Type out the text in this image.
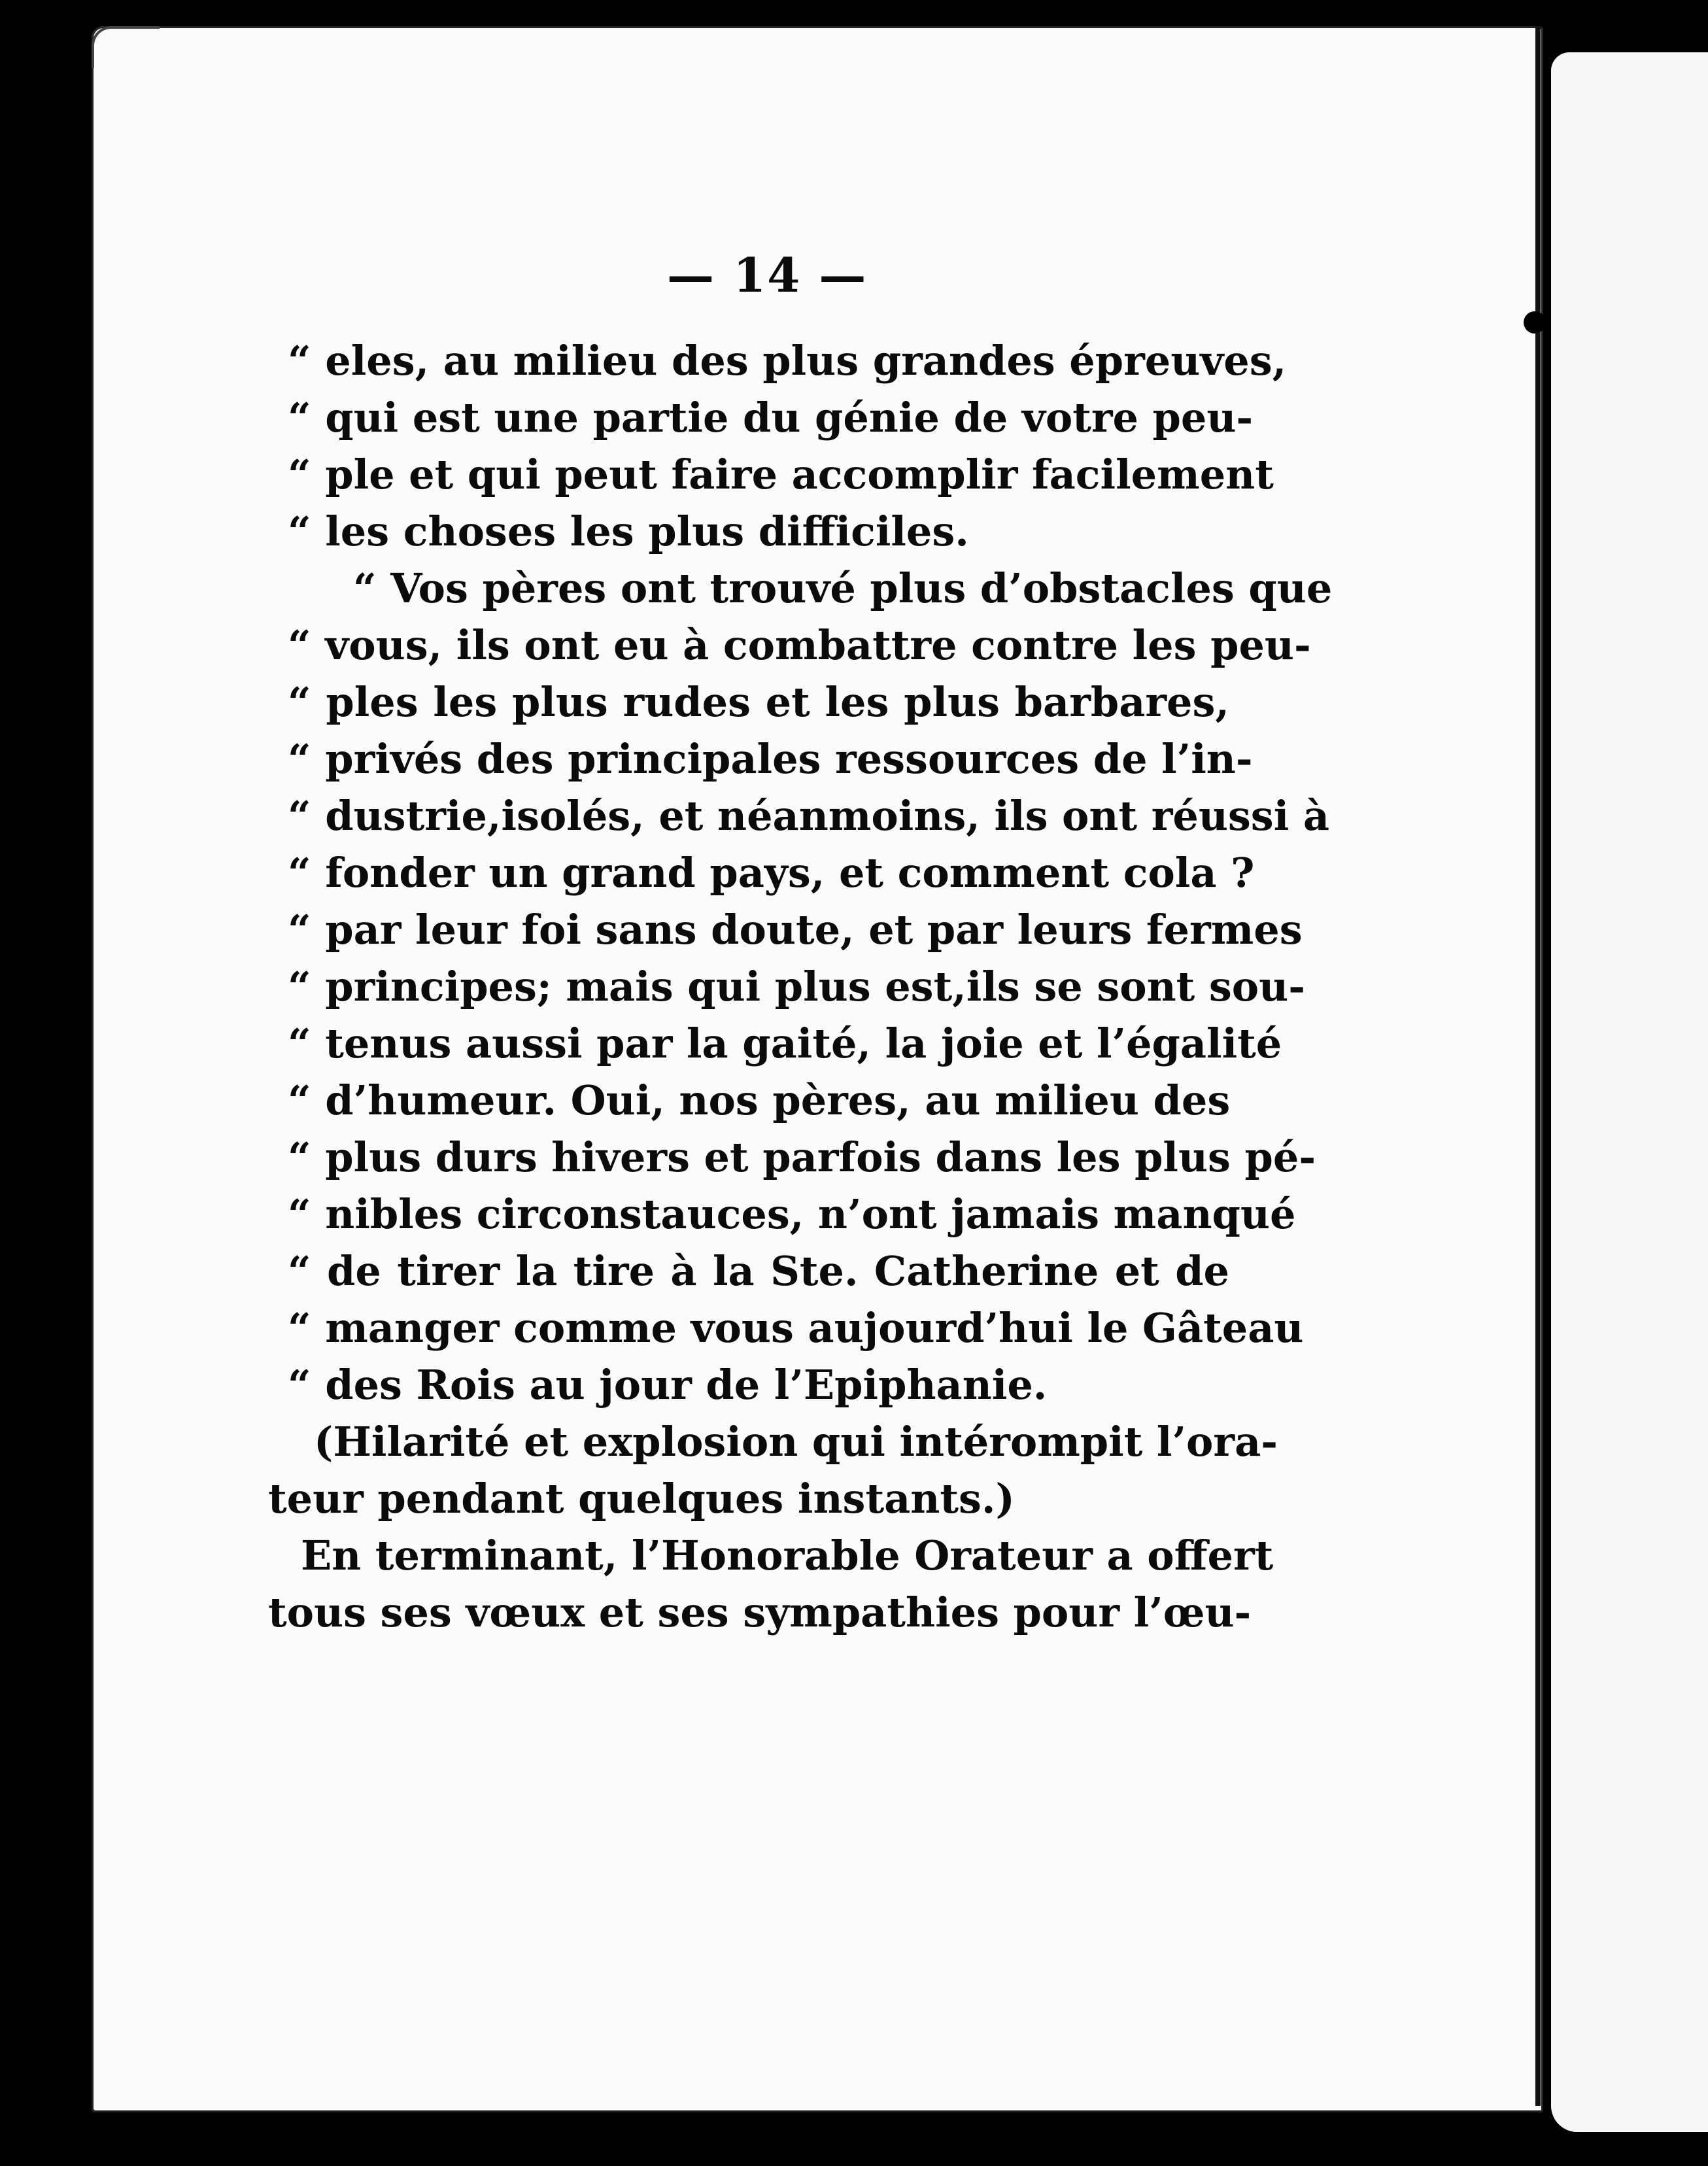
— 14 —
“ eles, au milieu des plus grandes épreuves,
“ qui est une partie du génie de votre peu-
“ ple et qui peut faire accomplir facilement
“ les choses les plus difficiles.
“ Vos pères ont trouvé plus d’obstacles que
“ vous, ils ont eu à combattre contre les peu-
“ ples les plus rudes et les plus barbares,
“ privés des principales ressources de l’in-
“ dustrie,isolés, et néanmoins, ils ont réussi à
“ fonder un grand pays, et comment cola ?
“ par leur foi sans doute, et par leurs fermes
“ principes; mais qui plus est,ils se sont sou-
“ tenus aussi par la gaité, la joie et l’égalité
“ d’humeur. Oui, nos pères, au milieu des
“ plus durs hivers et parfois dans les plus pé-
“ nibles circonstauces, n’ont jamais manqué
“ de tirer la tire à la Ste. Catherine et de
“ manger comme vous aujourd’hui le Gâteau
“ des Rois au jour de l’Epiphanie.
(Hilarité et explosion qui intérompit l’ora-
teur pendant quelques instants.)
En terminant, l’Honorable Orateur a offert
tous ses vœux et ses sympathies pour l’œu-
